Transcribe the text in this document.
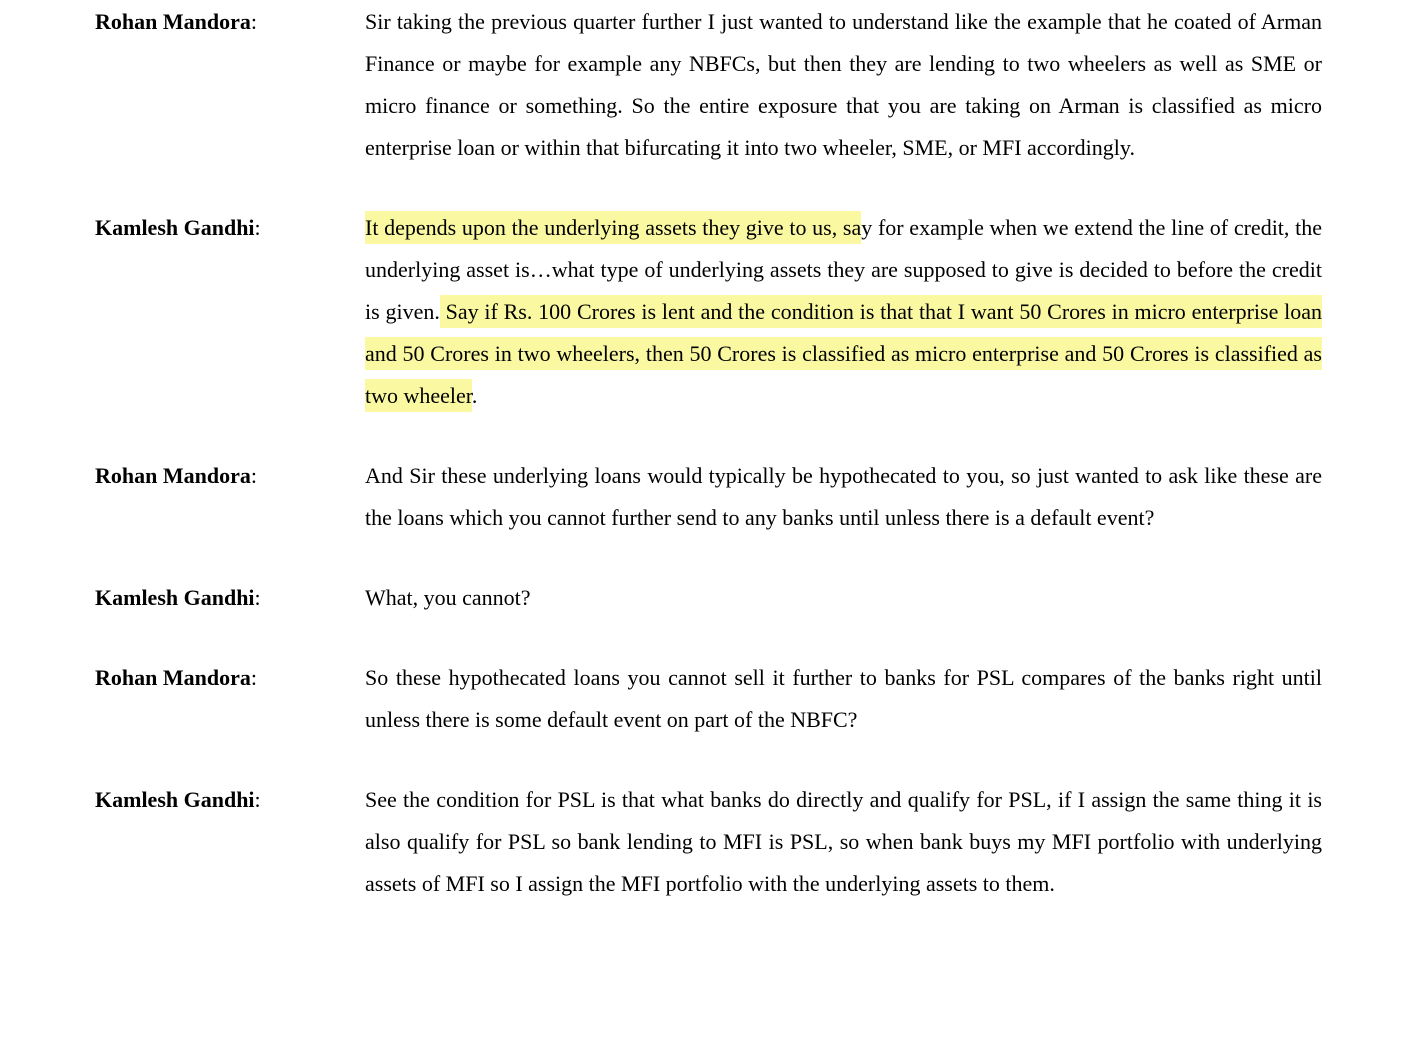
Rohan Mandora:	Sir taking the previous quarter further I just wanted to understand like the example that he coated of Arman Finance or maybe for example any NBFCs, but then they are lending to two wheelers as well as SME or micro finance or something. So the entire exposure that you are taking on Arman is classified as micro enterprise loan or within that bifurcating it into two wheeler, SME, or MFI accordingly.

Kamlesh Gandhi:	It depends upon the underlying assets they give to us, say for example when we extend the line of credit, the underlying asset is…what type of underlying assets they are supposed to give is decided to before the credit is given. Say if Rs. 100 Crores is lent and the condition is that that I want 50 Crores in micro enterprise loan and 50 Crores in two wheelers, then 50 Crores is classified as micro enterprise and 50 Crores is classified as two wheeler.

Rohan Mandora:	And Sir these underlying loans would typically be hypothecated to you, so just wanted to ask like these are the loans which you cannot further send to any banks until unless there is a default event?

Kamlesh Gandhi:	What, you cannot?

Rohan Mandora:	So these hypothecated loans you cannot sell it further to banks for PSL compares of the banks right until unless there is some default event on part of the NBFC?

Kamlesh Gandhi:	See the condition for PSL is that what banks do directly and qualify for PSL, if I assign the same thing it is also qualify for PSL so bank lending to MFI is PSL, so when bank buys my MFI portfolio with underlying assets of MFI so I assign the MFI portfolio with the underlying assets to them.
